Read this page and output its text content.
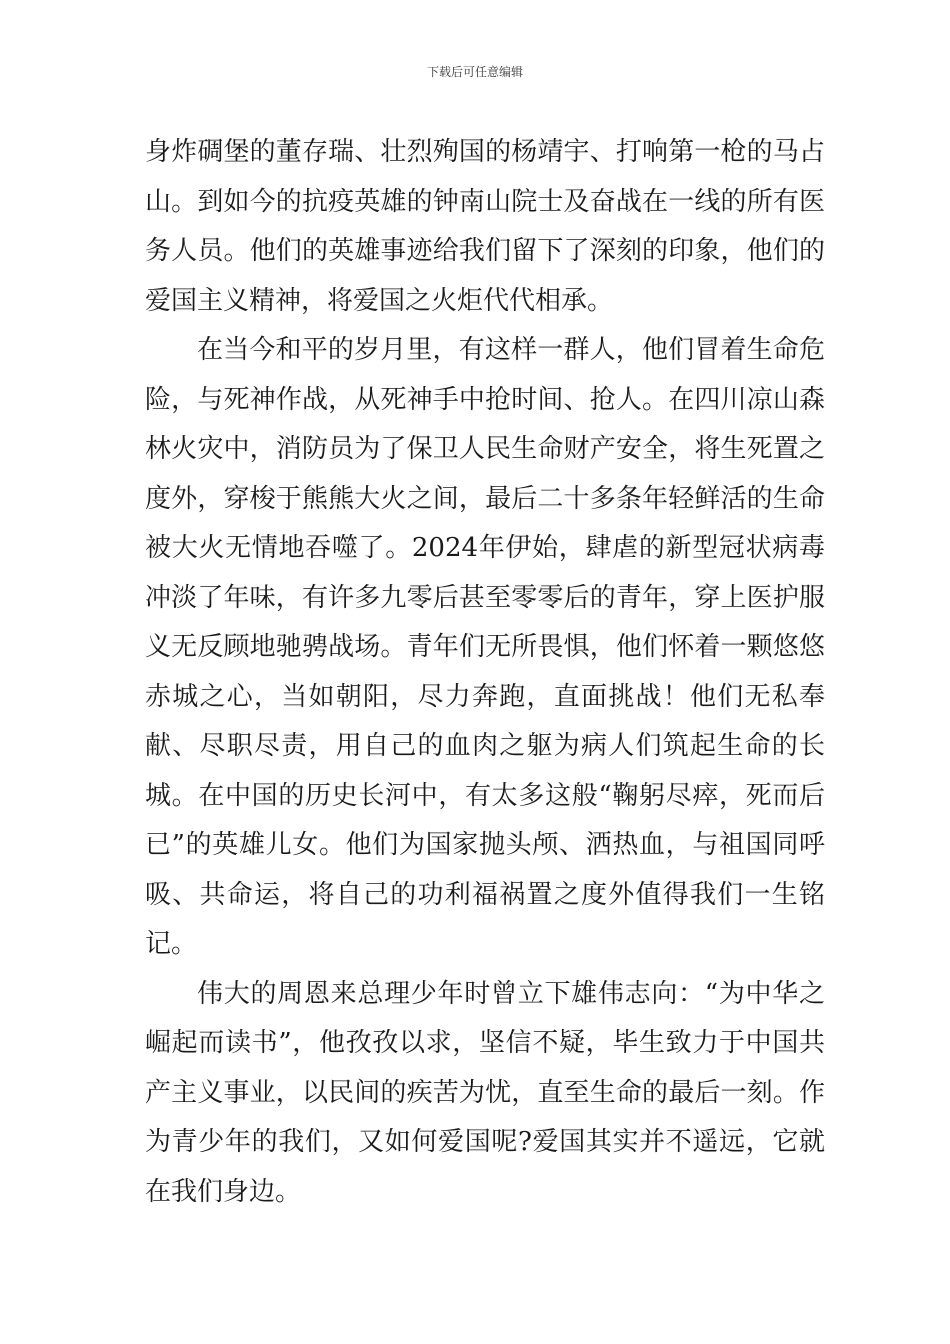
下载后可任意编辑

身炸碉堡的董存瑞、壮烈殉国的杨靖宇、打响第一枪的马占山。到如今的抗疫英雄的钟南山院士及奋战在一线的所有医务人员。他们的英雄事迹给我们留下了深刻的印象，他们的爱国主义精神，将爱国之火炬代代相承。

在当今和平的岁月里，有这样一群人，他们冒着生命危险，与死神作战，从死神手中抢时间、抢人。在四川凉山森林火灾中，消防员为了保卫人民生命财产安全，将生死置之度外，穿梭于熊熊大火之间，最后二十多条年轻鲜活的生命被大火无情地吞噬了。2024年伊始，肆虐的新型冠状病毒冲淡了年味，有许多九零后甚至零零后的青年，穿上医护服义无反顾地驰骋战场。青年们无所畏惧，他们怀着一颗悠悠赤城之心，当如朝阳，尽力奔跑，直面挑战！他们无私奉献、尽职尽责，用自己的血肉之躯为病人们筑起生命的长城。在中国的历史长河中，有太多这般“鞠躬尽瘁，死而后已”的英雄儿女。他们为国家抛头颅、洒热血，与祖国同呼吸、共命运，将自己的功利福祸置之度外值得我们一生铭记。

伟大的周恩来总理少年时曾立下雄伟志向：“为中华之崛起而读书”，他孜孜以求，坚信不疑，毕生致力于中国共产主义事业，以民间的疾苦为忧，直至生命的最后一刻。作为青少年的我们，又如何爱国呢?爱国其实并不遥远，它就在我们身边。
